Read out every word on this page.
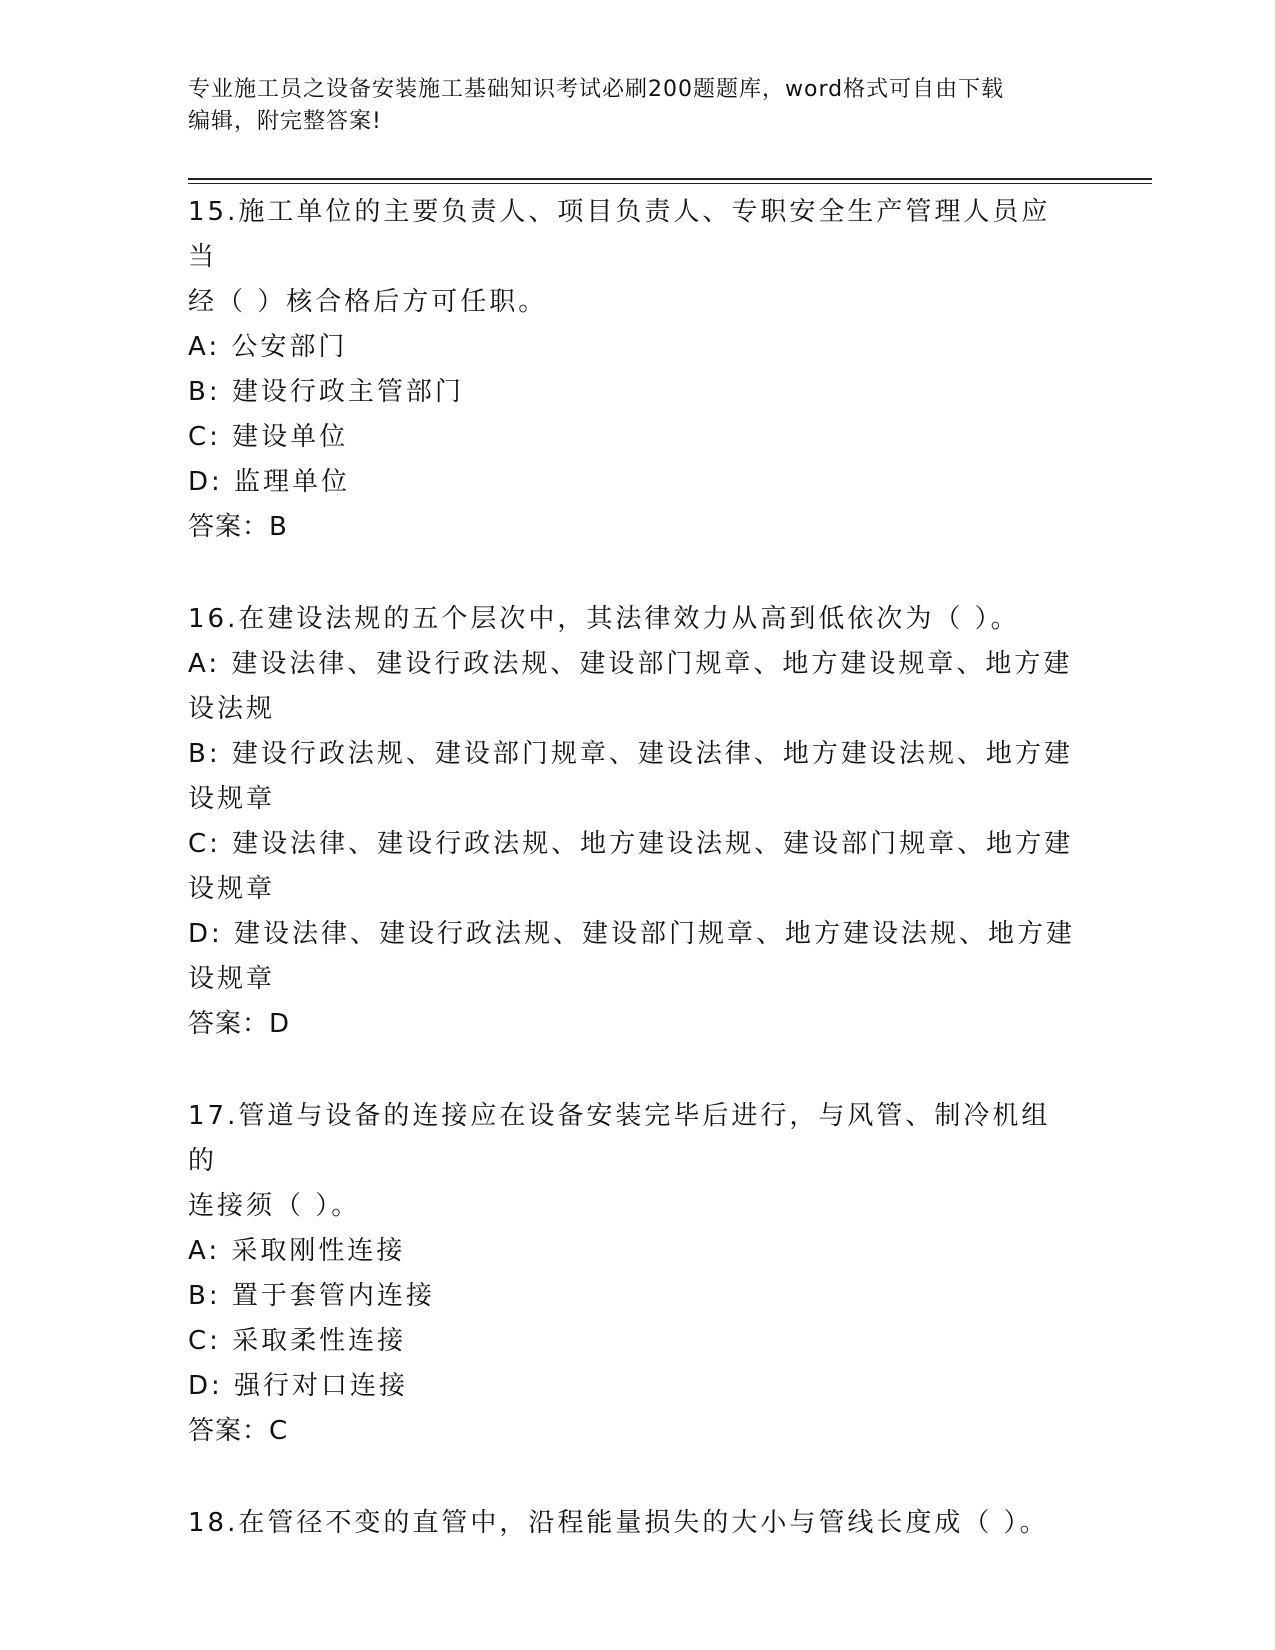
专业施工员之设备安装施工基础知识考试必刷200题题库，word格式可自由下载
编辑，附完整答案!
15.施工单位的主要负责人、项目负责人、专职安全生产管理人员应当
经（ ）核合格后方可任职。
A: 公安部门
B: 建设行政主管部门
C: 建设单位
D: 监理单位
答案：B
16.在建设法规的五个层次中，其法律效力从高到低依次为（ ）。
A: 建设法律、建设行政法规、建设部门规章、地方建设规章、地方建
设法规
B: 建设行政法规、建设部门规章、建设法律、地方建设法规、地方建
设规章
C: 建设法律、建设行政法规、地方建设法规、建设部门规章、地方建
设规章
D: 建设法律、建设行政法规、建设部门规章、地方建设法规、地方建
设规章
答案：D
17.管道与设备的连接应在设备安装完毕后进行，与风管、制冷机组的
连接须（ ）。
A: 采取刚性连接
B: 置于套管内连接
C: 采取柔性连接
D: 强行对口连接
答案：C
18.在管径不变的直管中，沿程能量损失的大小与管线长度成（ ）。
